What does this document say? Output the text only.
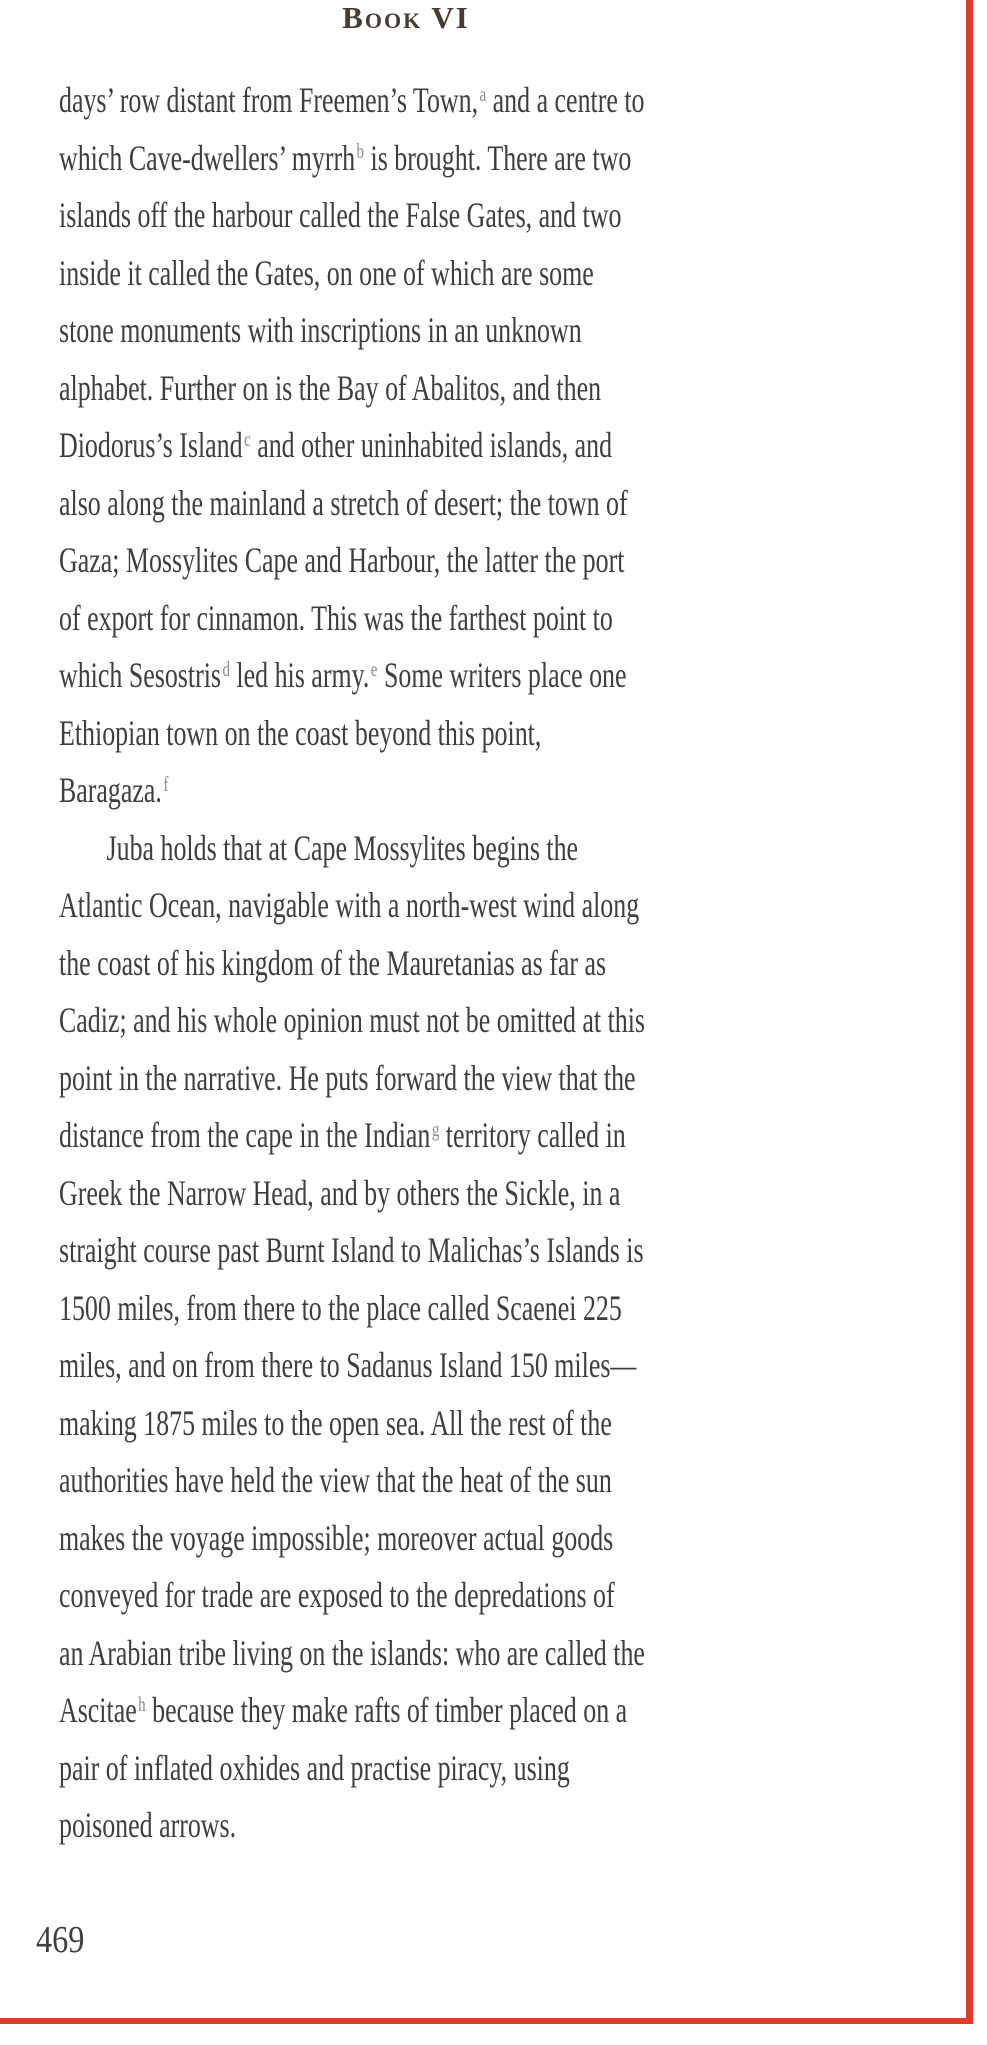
Book VI
days’ row distant from Freemen’s Town,$^a$ and a centre to
which Cave-dwellers’ myrrh$^b$ is brought. There are two
islands off the harbour called the False Gates, and two
inside it called the Gates, on one of which are some
stone monuments with inscriptions in an unknown
alphabet. Further on is the Bay of Abalitos, and then
Diodorus’s Island$^c$ and other uninhabited islands, and
also along the mainland a stretch of desert; the town of
Gaza; Mossylites Cape and Harbour, the latter the port
of export for cinnamon. This was the farthest point to
which Sesostris$^d$ led his army.$^e$ Some writers place one
Ethiopian town on the coast beyond this point,
Baragaza.$^f$
Juba holds that at Cape Mossylites begins the
Atlantic Ocean, navigable with a north-west wind along
the coast of his kingdom of the Mauretanias as far as
Cadiz; and his whole opinion must not be omitted at this
point in the narrative. He puts forward the view that the
distance from the cape in the Indian$^g$ territory called in
Greek the Narrow Head, and by others the Sickle, in a
straight course past Burnt Island to Malichas’s Islands is
1500 miles, from there to the place called Scaenei 225
miles, and on from there to Sadanus Island 150 miles—
making 1875 miles to the open sea. All the rest of the
authorities have held the view that the heat of the sun
makes the voyage impossible; moreover actual goods
conveyed for trade are exposed to the depredations of
an Arabian tribe living on the islands: who are called the
Ascitae$^h$ because they make rafts of timber placed on a
pair of inflated oxhides and practise piracy, using
poisoned arrows.
469
